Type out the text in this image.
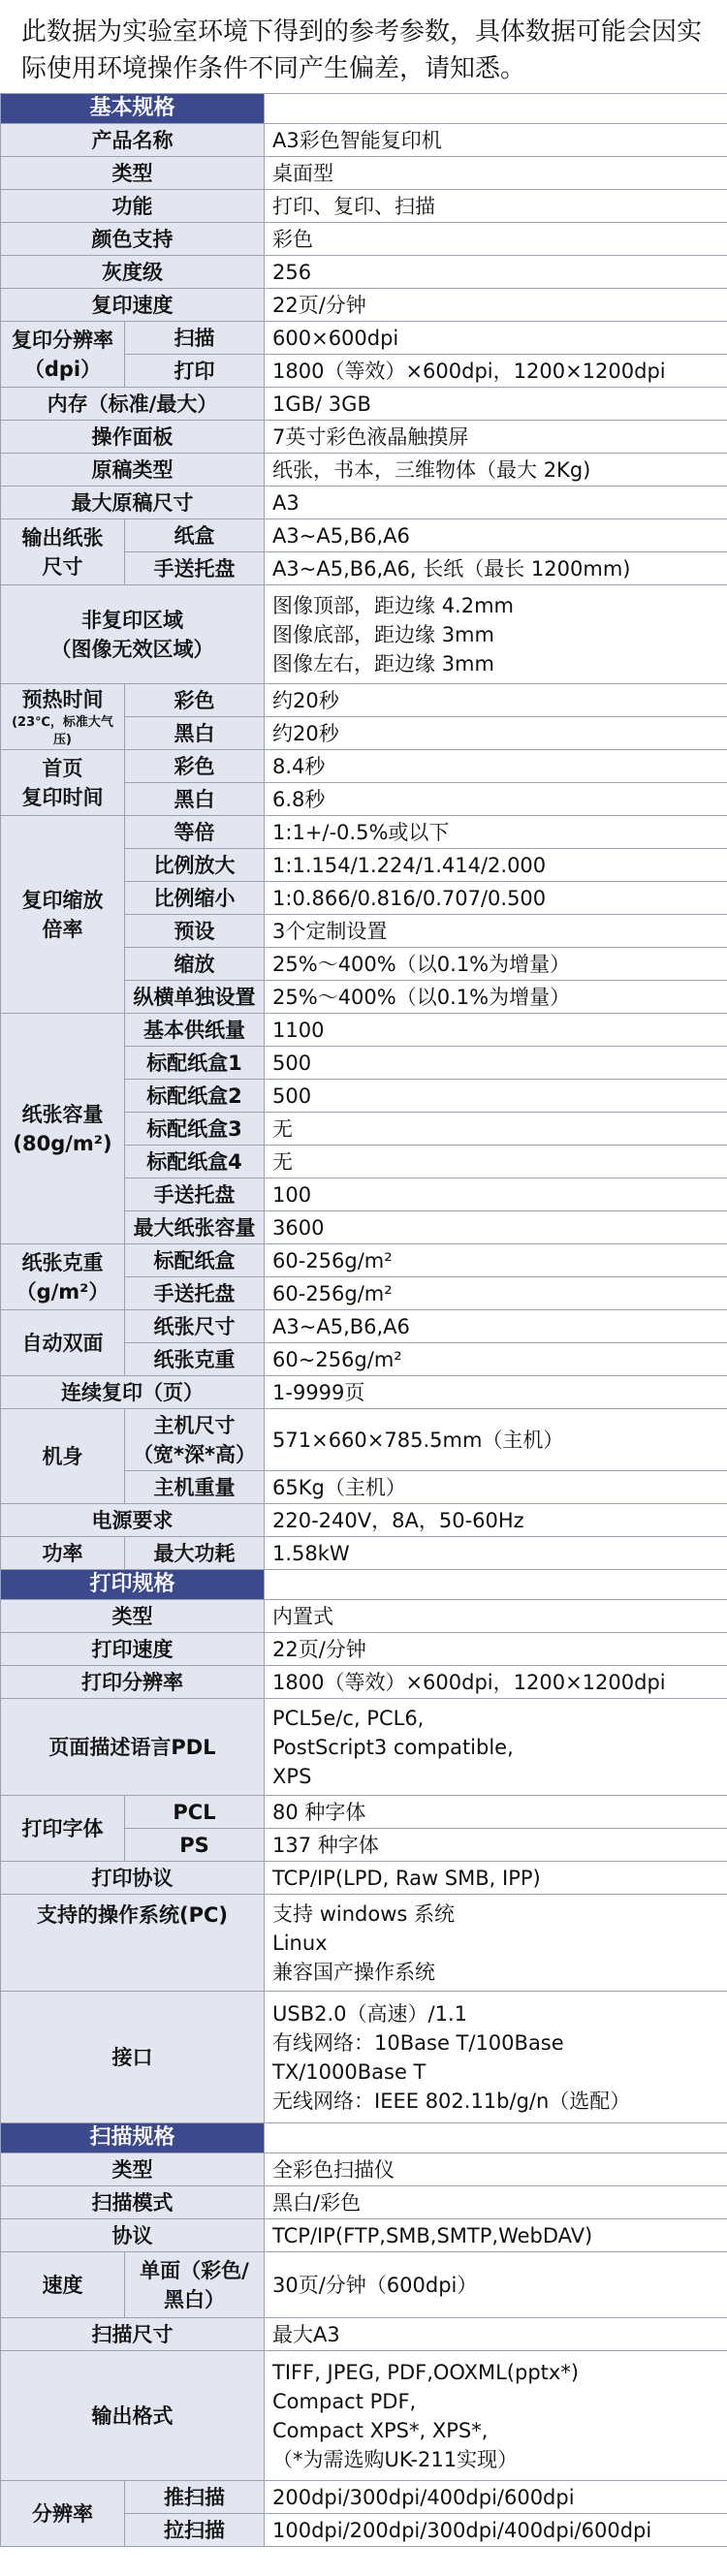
此数据为实验室环境下得到的参考参数，具体数据可能会因实际使用环境操作条件不同产生偏差，请知悉。

基本规格		
产品名称		A3彩色智能复印机
类型		桌面型
功能		打印、复印、扫描
颜色支持		彩色
灰度级		256
复印速度		22页/分钟
复印分辨率
（dpi）	扫描	600×600dpi
	打印	1800（等效）×600dpi，1200×1200dpi
内存（标准/最大）		1GB/ 3GB
操作面板		7英寸彩色液晶触摸屏
原稿类型		纸张，书本，三维物体（最大 2Kg)
最大原稿尺寸		A3
输出纸张
尺寸	纸盒	A3~A5,B6,A6
	手送托盘	A3~A5,B6,A6, 长纸（最长 1200mm)
非复印区域
（图像无效区域）		图像顶部，距边缘 4.2mm
图像底部，距边缘 3mm
图像左右，距边缘 3mm
预热时间
(23℃，标准大气压)	彩色	约20秒
	黑白	约20秒
首页
复印时间	彩色	8.4秒
	黑白	6.8秒
复印缩放
倍率	等倍	1:1+/-0.5%或以下
	比例放大	1:1.154/1.224/1.414/2.000
	比例缩小	1:0.866/0.816/0.707/0.500
	预设	3个定制设置
	缩放	25%～400%（以0.1%为增量）
	纵横单独设置	25%～400%（以0.1%为增量）
纸张容量
(80g/m²)	基本供纸量	1100
	标配纸盒1	500
	标配纸盒2	500
	标配纸盒3	无
	标配纸盒4	无
	手送托盘	100
	最大纸张容量	3600
纸张克重
（g/m²）	标配纸盒	60-256g/m²
	手送托盘	60-256g/m²
自动双面	纸张尺寸	A3~A5,B6,A6
	纸张克重	60~256g/m²
连续复印（页）		1-9999页
机身	主机尺寸
（宽*深*高）	571×660×785.5mm（主机）
	主机重量	65Kg（主机）
电源要求		220-240V，8A，50-60Hz
功率	最大功耗	1.58kW
打印规格		
类型		内置式
打印速度		22页/分钟
打印分辨率		1800（等效）×600dpi，1200×1200dpi
页面描述语言PDL		PCL5e/c, PCL6,
PostScript3 compatible,
XPS
打印字体	PCL	80 种字体
	PS	137 种字体
打印协议		TCP/IP(LPD, Raw SMB, IPP)
支持的操作系统(PC)		支持 windows 系统
Linux
兼容国产操作系统
接口		USB2.0（高速）/1.1
有线网络：10Base T/100Base
TX/1000Base T
无线网络：IEEE 802.11b/g/n（选配）
扫描规格		
类型		全彩色扫描仪
扫描模式		黑白/彩色
协议		TCP/IP(FTP,SMB,SMTP,WebDAV)
速度	单面（彩色/
黑白）	30页/分钟（600dpi）
扫描尺寸		最大A3
输出格式		TIFF, JPEG, PDF,OOXML(pptx*)
Compact PDF,
Compact XPS*, XPS*,
（*为需选购UK-211实现）
分辨率	推扫描	200dpi/300dpi/400dpi/600dpi
	拉扫描	100dpi/200dpi/300dpi/400dpi/600dpi
